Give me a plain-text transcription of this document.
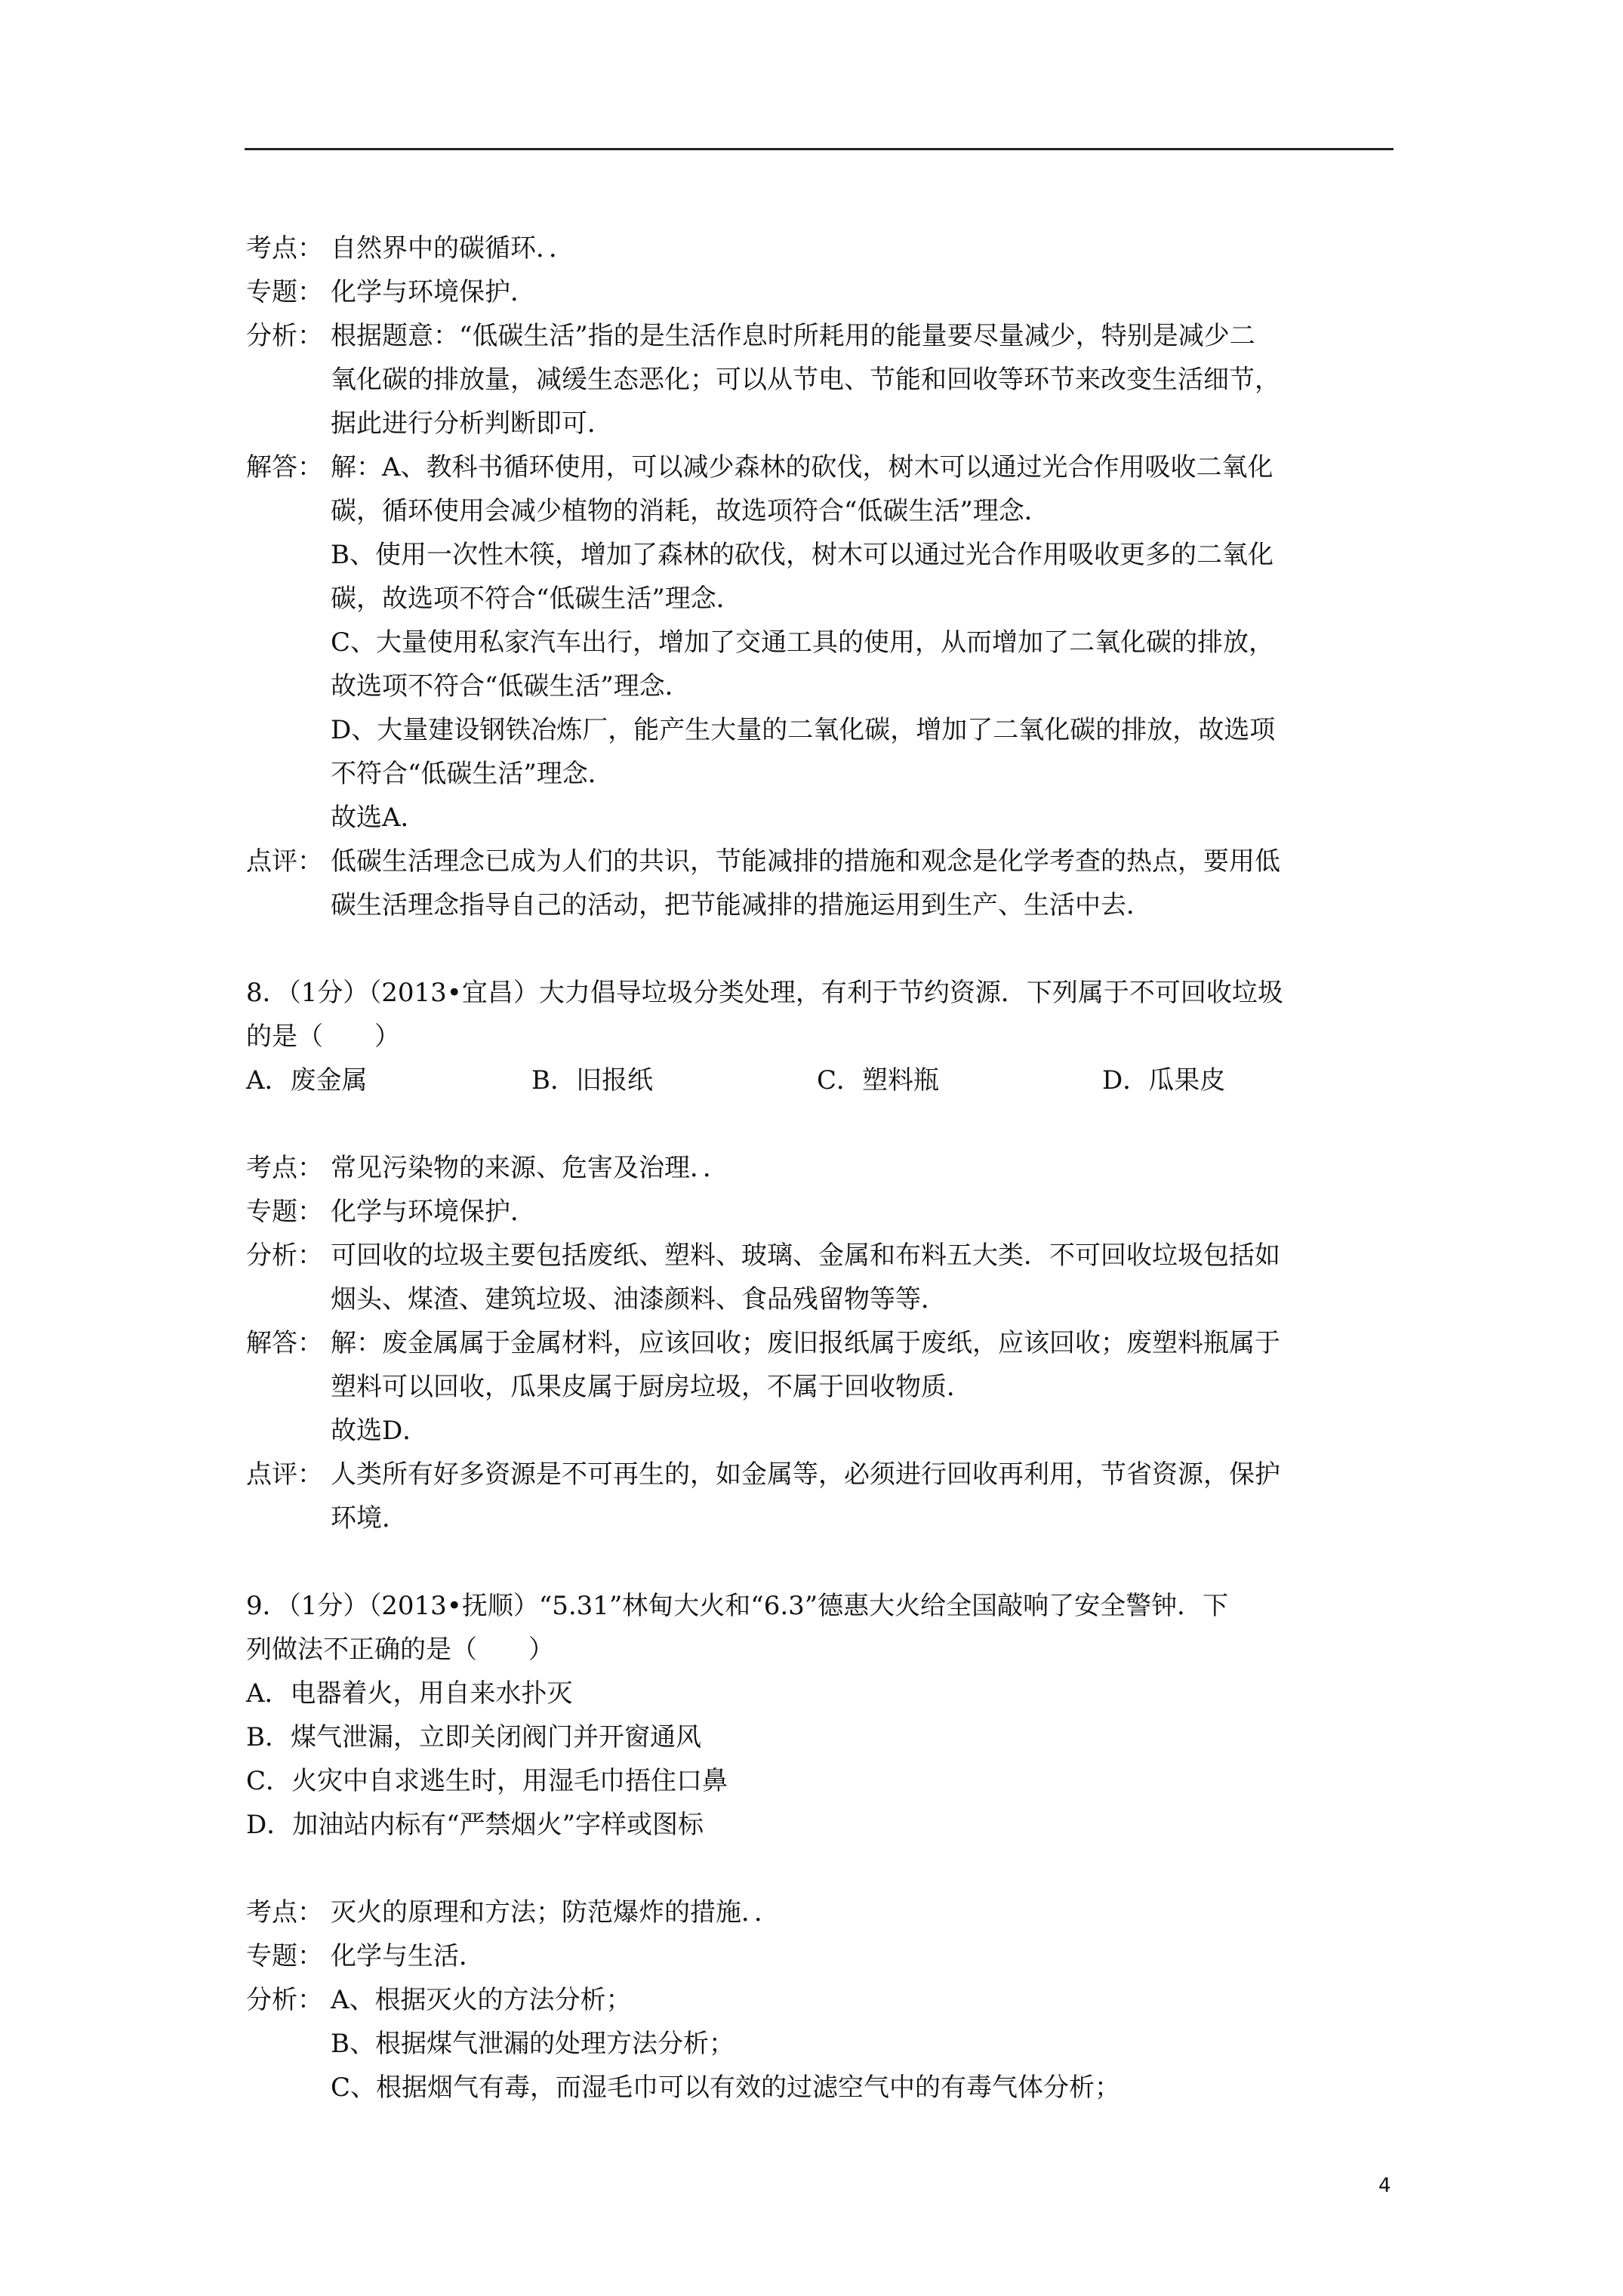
考点： 自然界中的碳循环．．
专题： 化学与环境保护．
分析： 根据题意：“低碳生活”指的是生活作息时所耗用的能量要尽量减少，特别是减少二
氧化碳的排放量，减缓生态恶化；可以从节电、节能和回收等环节来改变生活细节，
据此进行分析判断即可．
解答： 解：A、教科书循环使用，可以减少森林的砍伐，树木可以通过光合作用吸收二氧化
碳，循环使用会减少植物的消耗，故选项符合“低碳生活”理念．
B、使用一次性木筷，增加了森林的砍伐，树木可以通过光合作用吸收更多的二氧化
碳，故选项不符合“低碳生活”理念．
C、大量使用私家汽车出行，增加了交通工具的使用，从而增加了二氧化碳的排放，
故选项不符合“低碳生活”理念．
D、大量建设钢铁冶炼厂，能产生大量的二氧化碳，增加了二氧化碳的排放，故选项
不符合“低碳生活”理念．
故选A．
点评： 低碳生活理念已成为人们的共识，节能减排的措施和观念是化学考查的热点，要用低
碳生活理念指导自己的活动，把节能减排的措施运用到生产、生活中去．
8．（1分）（2013•宜昌）大力倡导垃圾分类处理，有利于节约资源．下列属于不可回收垃圾
的是（　　）
A．废金属	B．旧报纸	C．塑料瓶	D．瓜果皮
考点： 常见污染物的来源、危害及治理．．
专题： 化学与环境保护．
分析： 可回收的垃圾主要包括废纸、塑料、玻璃、金属和布料五大类．不可回收垃圾包括如
烟头、煤渣、建筑垃圾、油漆颜料、食品残留物等等．
解答： 解：废金属属于金属材料，应该回收；废旧报纸属于废纸，应该回收；废塑料瓶属于
塑料可以回收，瓜果皮属于厨房垃圾，不属于回收物质．
故选D．
点评： 人类所有好多资源是不可再生的，如金属等，必须进行回收再利用，节省资源，保护
环境．
9．（1分）（2013•抚顺）“5.31”林甸大火和“6.3”德惠大火给全国敲响了安全警钟．下
列做法不正确的是（　　）
A．电器着火，用自来水扑灭
B．煤气泄漏，立即关闭阀门并开窗通风
C．火灾中自求逃生时，用湿毛巾捂住口鼻
D．加油站内标有“严禁烟火”字样或图标
考点： 灭火的原理和方法；防范爆炸的措施．．
专题： 化学与生活．
分析： A、根据灭火的方法分析；
B、根据煤气泄漏的处理方法分析；
C、根据烟气有毒，而湿毛巾可以有效的过滤空气中的有毒气体分析；
4
